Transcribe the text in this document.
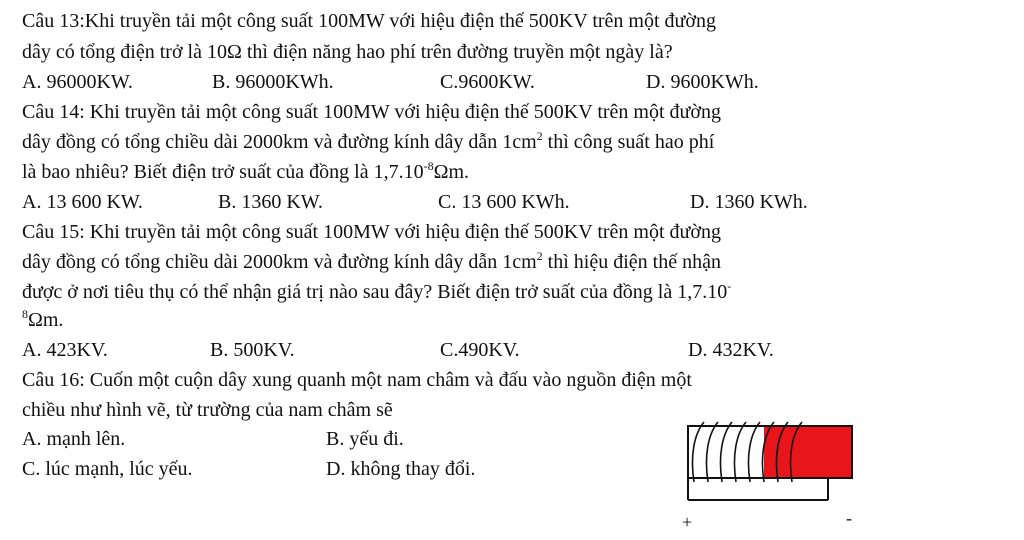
Câu 13:Khi truyền tải một công suất 100MW với hiệu điện thế 500KV trên một đường
dây có tổng điện trở là 10Ω thì điện năng hao phí trên đường truyền một ngày là?
A. 96000KW.	B. 96000KWh.	C.9600KW.	D. 9600KWh.
Câu 14: Khi truyền tải một công suất 100MW với hiệu điện thế 500KV trên một đường
dây đồng có tổng chiều dài 2000km và đường kính dây dẫn $1cm^2$ thì công suất hao phí
là bao nhiêu? Biết điện trở suất của đồng là $1,7.10^{-8}\Omega m$.
A. 13 600 KW.	B. 1360 KW.	C. 13 600 KWh.	D. 1360 KWh.
Câu 15: Khi truyền tải một công suất 100MW với hiệu điện thế 500KV trên một đường
dây đồng có tổng chiều dài 2000km và đường kính dây dẫn $1cm^2$ thì hiệu điện thế nhận
được ở nơi tiêu thụ có thể nhận giá trị nào sau đây? Biết điện trở suất của đồng là 1,7.10-
$^8$Ωm.
A. 423KV.	B. 500KV.	C.490KV.	D. 432KV.
Câu 16: Cuốn một cuộn dây xung quanh một nam châm và đấu vào nguồn điện một
chiều như hình vẽ, từ trường của nam châm sẽ
A. mạnh lên.	B. yếu đi.
C. lúc mạnh, lúc yếu.	D. không thay đổi.
+	-
